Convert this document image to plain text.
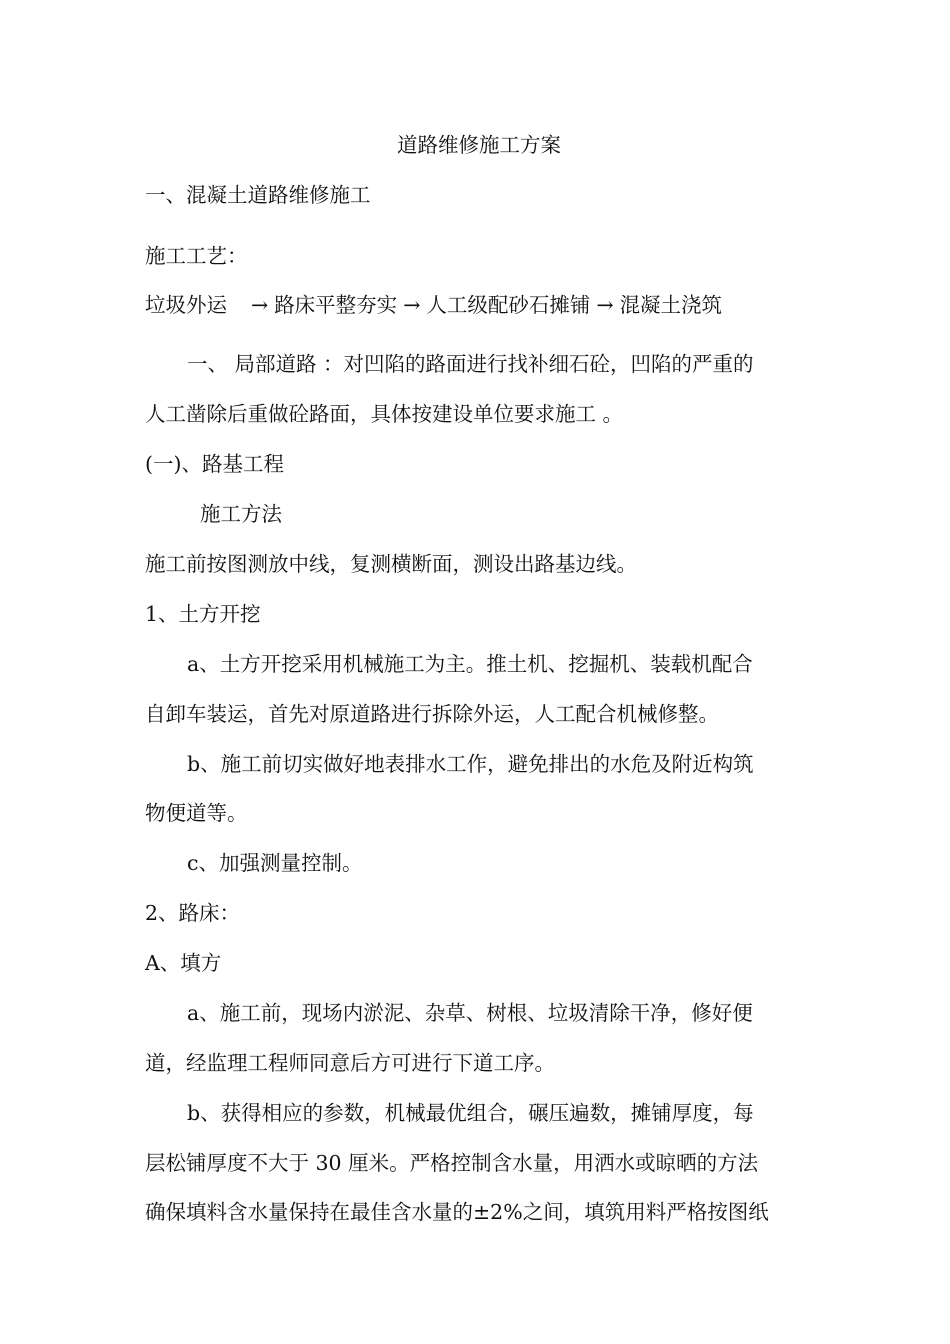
道路维修施工方案
一、混凝土道路维修施工
施工工艺：
垃圾外运 → 路床平整夯实 → 人工级配砂石摊铺 → 混凝土浇筑
一、 局部道路 ：对凹陷的路面进行找补细石砼，凹陷的严重的
人工凿除后重做砼路面，具体按建设单位要求施工 。
(一)、路基工程
施工方法
施工前按图测放中线，复测横断面，测设出路基边线。
1、土方开挖
a、土方开挖采用机械施工为主。推土机、挖掘机、装载机配合
自卸车装运，首先对原道路进行拆除外运，人工配合机械修整。
b、施工前切实做好地表排水工作，避免排出的水危及附近构筑
物便道等。
c、加强测量控制。
2、路床：
A、填方
a、施工前，现场内淤泥、杂草、树根、垃圾清除干净，修好便
道，经监理工程师同意后方可进行下道工序。
b、获得相应的参数，机械最优组合，碾压遍数，摊铺厚度，每
层松铺厚度不大于 30 厘米。严格控制含水量，用洒水或晾晒的方法
确保填料含水量保持在最佳含水量的±2%之间，填筑用料严格按图纸
